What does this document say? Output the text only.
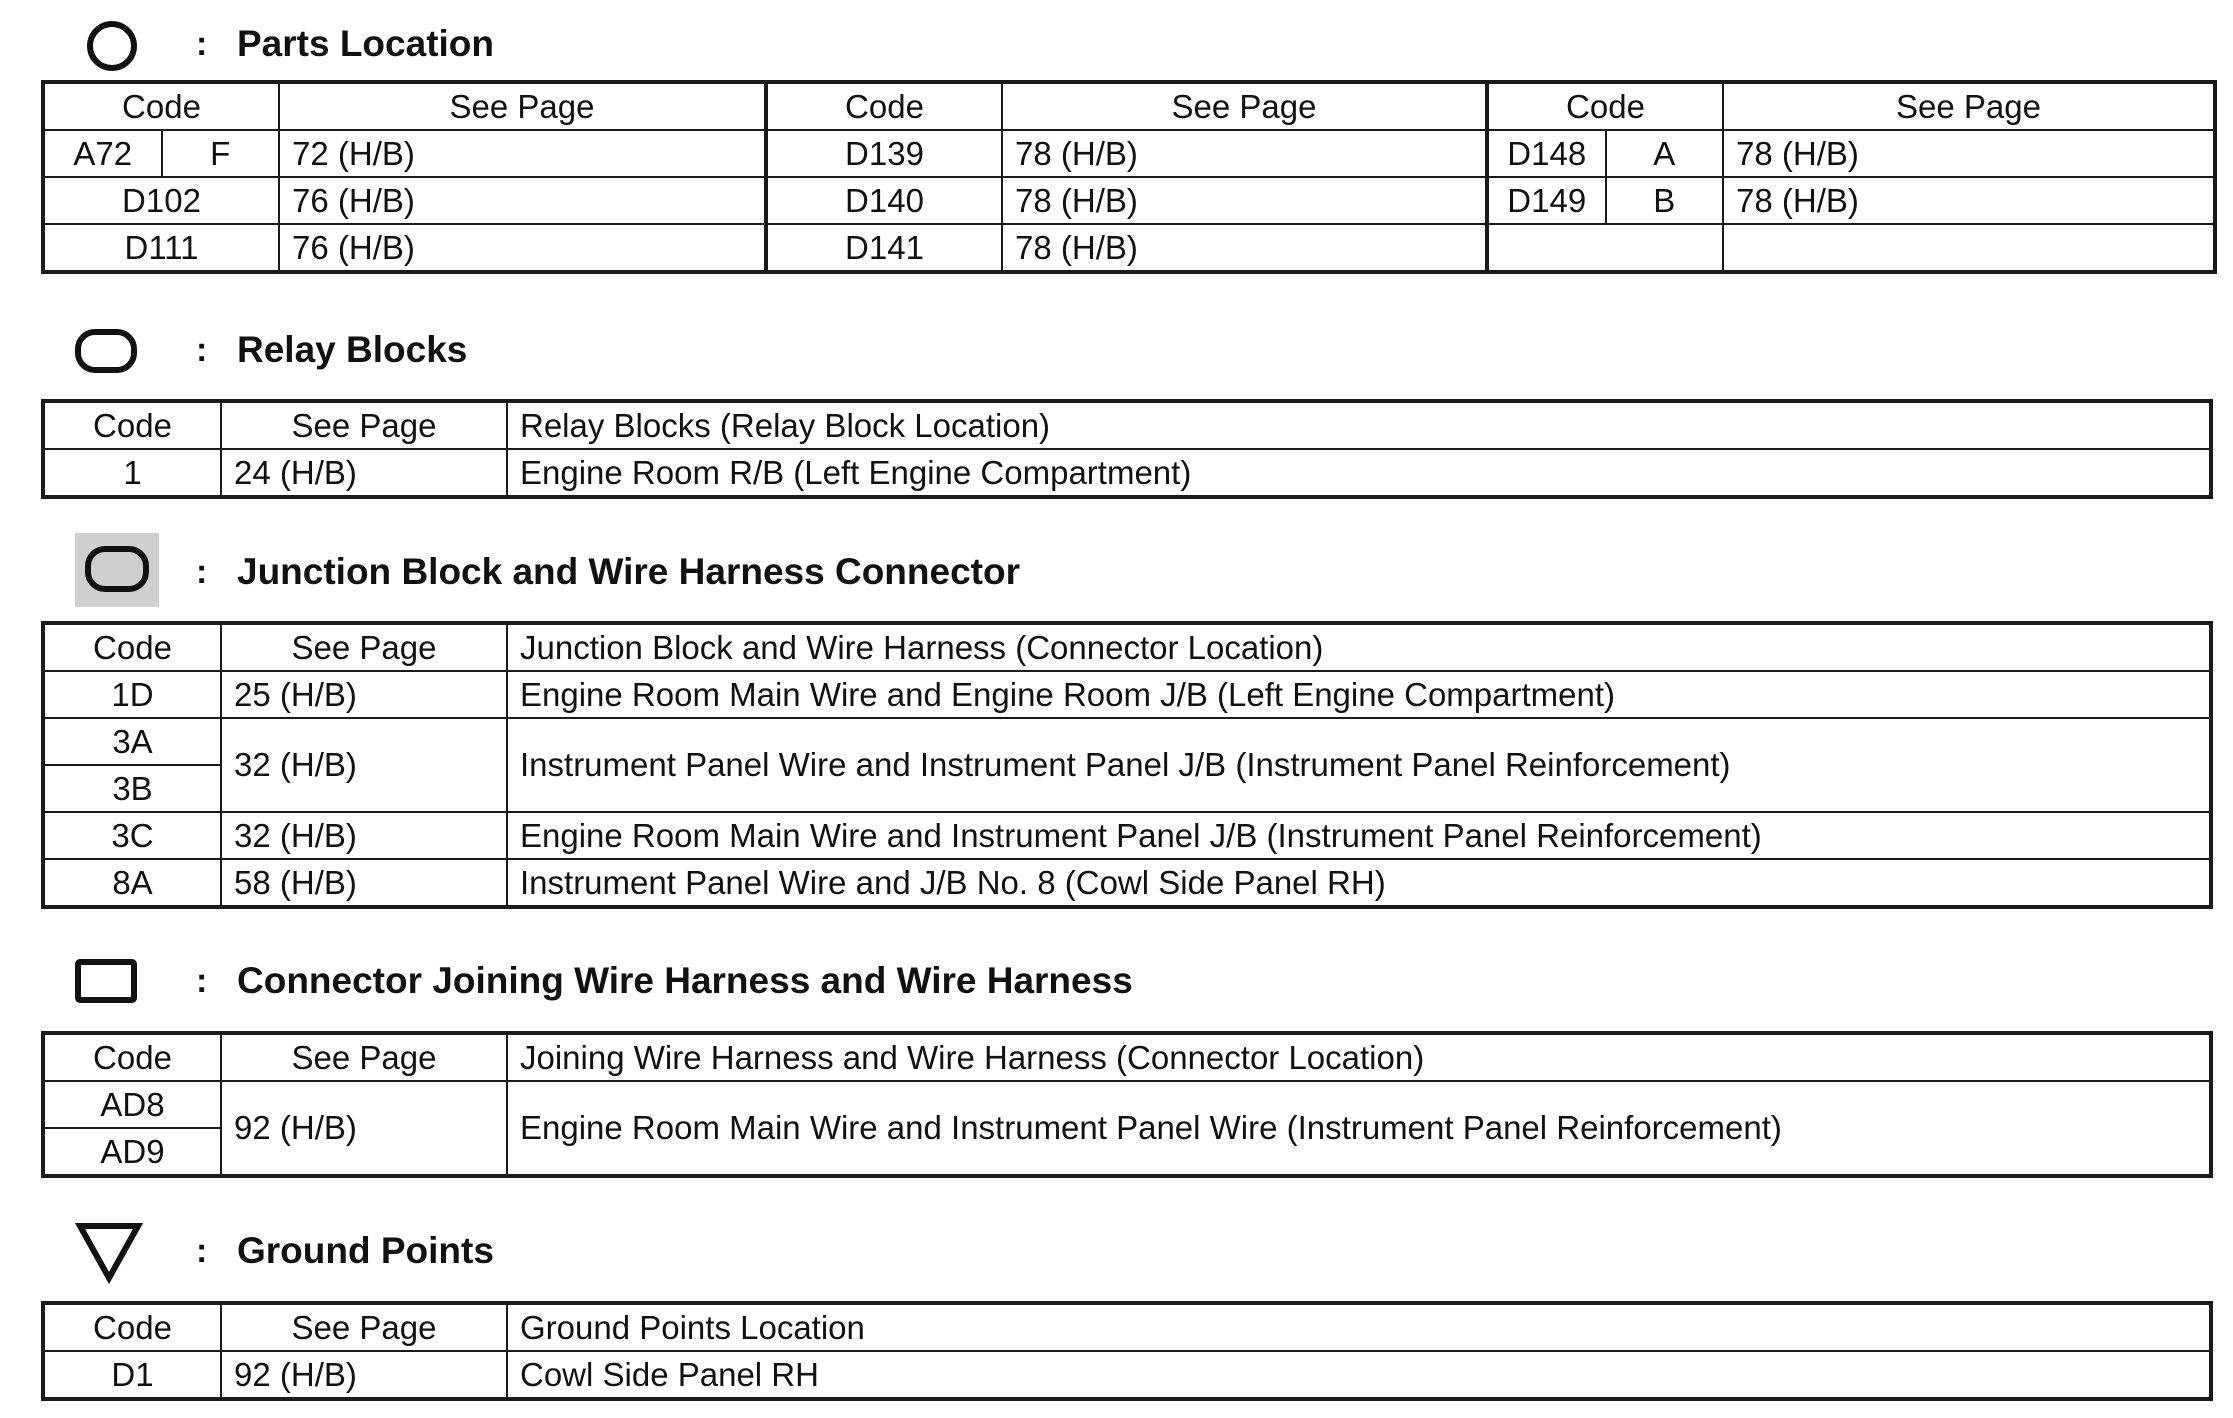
: Parts Location
Code	See Page	Code	See Page	Code	See Page

A72 F	72 (H/B)	D139	78 (H/B)	D148 A	78 (H/B)
D102	76 (H/B)	D140	78 (H/B)	D149 B	78 (H/B)
D111	76 (H/B)	D141	78 (H/B)		
: Relay Blocks
Code	See Page	Relay Blocks (Relay Block Location)
1	24 (H/B)	Engine Room R/B (Left Engine Compartment)
: Junction Block and Wire Harness Connector
Code	See Page	Junction Block and Wire Harness (Connector Location)
1D	25 (H/B)	Engine Room Main Wire and Engine Room J/B (Left Engine Compartment)
3A	32 (H/B)	Instrument Panel Wire and Instrument Panel J/B (Instrument Panel Reinforcement)
3B		
3C	32 (H/B)	Engine Room Main Wire and Instrument Panel J/B (Instrument Panel Reinforcement)
8A	58 (H/B)	Instrument Panel Wire and J/B No. 8 (Cowl Side Panel RH)
: Connector Joining Wire Harness and Wire Harness
Code	See Page	Joining Wire Harness and Wire Harness (Connector Location)
AD8	92 (H/B)	Engine Room Main Wire and Instrument Panel Wire (Instrument Panel Reinforcement)
AD9		
: Ground Points
Code	See Page	Ground Points Location
D1	92 (H/B)	Cowl Side Panel RH
